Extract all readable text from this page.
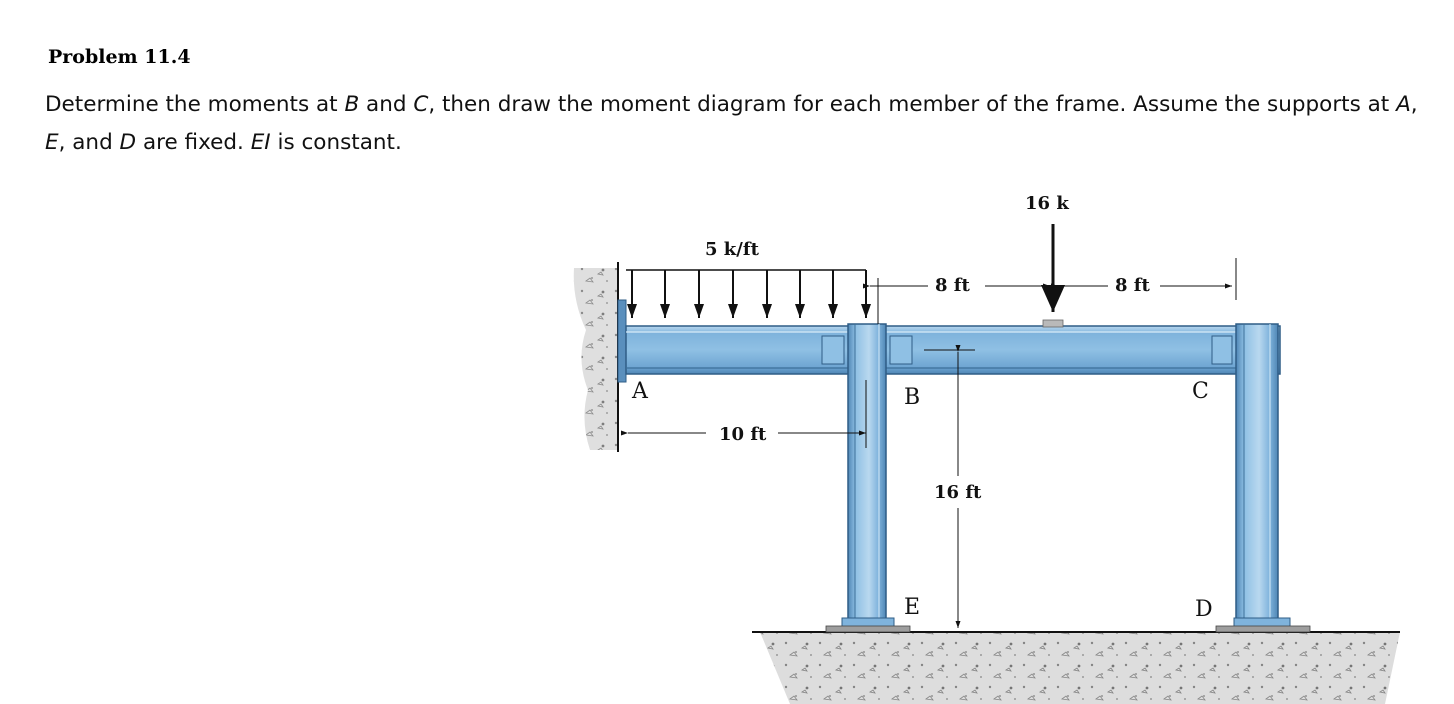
Problem 11.4
Determine the moments at B and C, then draw the moment diagram for each member of the frame. Assume the supports at A, E, and D are fixed. EI is constant.
5 k/ft
16 k
8 ft	8 ft
10 ft
16 ft
A	B	C
D
E
